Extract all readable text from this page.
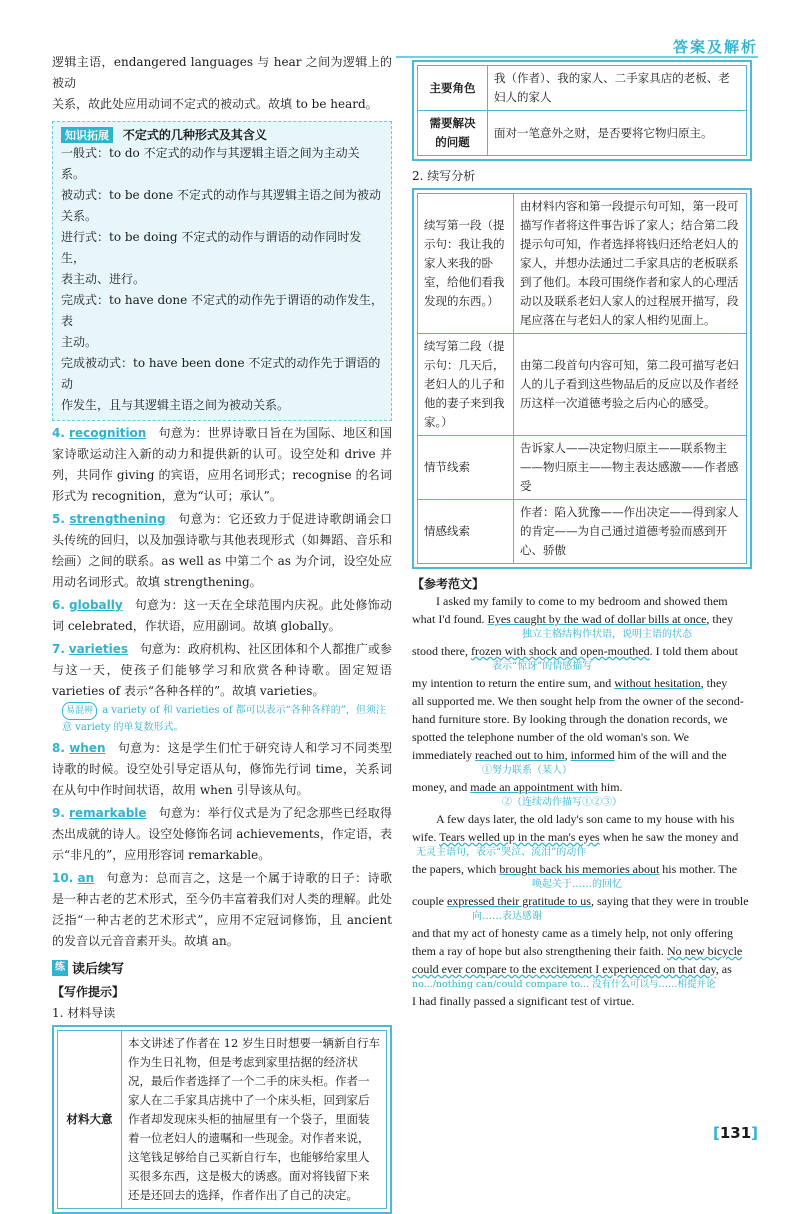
答案及解析

逻辑主语，endangered languages 与 hear 之间为逻辑上的被动

关系，故此处应用动词不定式的被动式。故填 to be heard。

知识拓展 不定式的几种形式及其含义
一般式：to do 不定式的动作与其逻辑主语之间为主动关系。
被动式：to be done 不定式的动作与其逻辑主语之间为被动
关系。
进行式：to be doing 不定式的动作与谓语的动作同时发生，
表主动、进行。
完成式：to have done 不定式的动作先于谓语的动作发生，表
主动。
完成被动式：to have been done 不定式的动作先于谓语的动
作发生，且与其逻辑主语之间为被动关系。
4. recognition 句意为：世界诗歌日旨在为国际、地区和国家诗歌运动注入新的动力和提供新的认可。设空处和 drive 并列，共同作 giving 的宾语，应用名词形式；recognise 的名词形式为 recognition，意为“认可；承认”。
5. strengthening 句意为：它还致力于促进诗歌朗诵会口头传统的回归，以及加强诗歌与其他表现形式（如舞蹈、音乐和绘画）之间的联系。as well as 中第二个 as 为介词，设空处应用动名词形式。故填 strengthening。
6. globally 句意为：这一天在全球范围内庆祝。此处修饰动词 celebrated，作状语，应用副词。故填 globally。
7. varieties 句意为：政府机构、社区团体和个人都推广或参与这一天，使孩子们能够学习和欣赏各种诗歌。固定短语 varieties of 表示“各种各样的”。故填 varieties。
易混辨 a variety of 和 varieties of 都可以表示“各种各样的”，但须注意 variety 的单复数形式。
8. when 句意为：这是学生们忙于研究诗人和学习不同类型诗歌的时候。设空处引导定语从句，修饰先行词 time，关系词在从句中作时间状语，故用 when 引导该从句。
9. remarkable 句意为：举行仪式是为了纪念那些已经取得杰出成就的诗人。设空处修饰名词 achievements，作定语，表示“非凡的”，应用形容词 remarkable。
10. an 句意为：总而言之，这是一个属于诗歌的日子：诗歌是一种古老的艺术形式，至今仍丰富着我们对人类的理解。此处泛指“一种古老的艺术形式”，应用不定冠词修饰，且 ancient 的发音以元音音素开头。故填 an。
练 读后续写
【写作提示】
1. 材料导读
材料大意	本文讲述了作者在 12 岁生日时想要一辆新自行车作为生日礼物，但是考虑到家里拮据的经济状况，最后作者选择了一个二手的床头柜。作者一家人在二手家具店挑中了一个床头柜，回到家后作者却发现床头柜的抽屉里有一个袋子，里面装着一位老妇人的遗嘱和一些现金。对作者来说，这笔钱足够给自己买新自行车，也能够给家里人买很多东西，这是极大的诱惑。面对将钱留下来还是还回去的选择，作者作出了自己的决定。
主要角色	我（作者）、我的家人、二手家具店的老板、老妇人的家人
需要解决的问题	面对一笔意外之财，是否要将它物归原主。
2. 续写分析
续写第一段（提示句：我让我的家人来我的卧室，给他们看我发现的东西。）	由材料内容和第一段提示句可知，第一段可描写作者将这件事告诉了家人；结合第二段提示句可知，作者选择将钱归还给老妇人的家人，并想办法通过二手家具店的老板联系到了他们。本段可围绕作者和家人的心理活动以及联系老妇人家人的过程展开描写，段尾应落在与老妇人的家人相约见面上。
续写第二段（提示句：几天后，老妇人的儿子和他的妻子来到我家。）	由第二段首句内容可知，第二段可描写老妇人的儿子看到这些物品后的反应以及作者经历这样一次道德考验之后内心的感受。
情节线索	告诉家人——决定物归原主——联系物主——物归原主——物主表达感激——作者感受
情感线索	作者：陷入犹豫——作出决定——得到家人的肯定——为自己通过道德考验而感到开心、骄傲
【参考范文】
I asked my family to come to my bedroom and showed them
what I'd found. Eyes caught by the wad of dollar bills at once, they
独立主格结构作状语，说明主语的状态
stood there, frozen with shock and open-mouthed. I told them about
表示“惊讶”的情感描写
my intention to return the entire sum, and without hesitation, they
all supported me. We then sought help from the owner of the second-
hand furniture store. By looking through the donation records, we
spotted the telephone number of the old woman's son. We
immediately reached out to him, informed him of the will and the
①努力联系（某人）
money, and made an appointment with him.
②（连续动作描写①②③）
A few days later, the old lady's son came to my house with his
wife. Tears welled up in the man's eyes when he saw the money and
无灵主语句，表示“哭泣、流泪”的动作
the papers, which brought back his memories about his mother. The
唤起关于……的回忆
couple expressed their gratitude to us, saying that they were in trouble
向……表达感谢
and that my act of honesty came as a timely help, not only offering
them a ray of hope but also strengthening their faith. No new bicycle
could ever compare to the excitement I experienced on that day, as
no.../nothing can/could compare to... 没有什么可以与……相提并论
I had finally passed a significant test of virtue.
[131]
